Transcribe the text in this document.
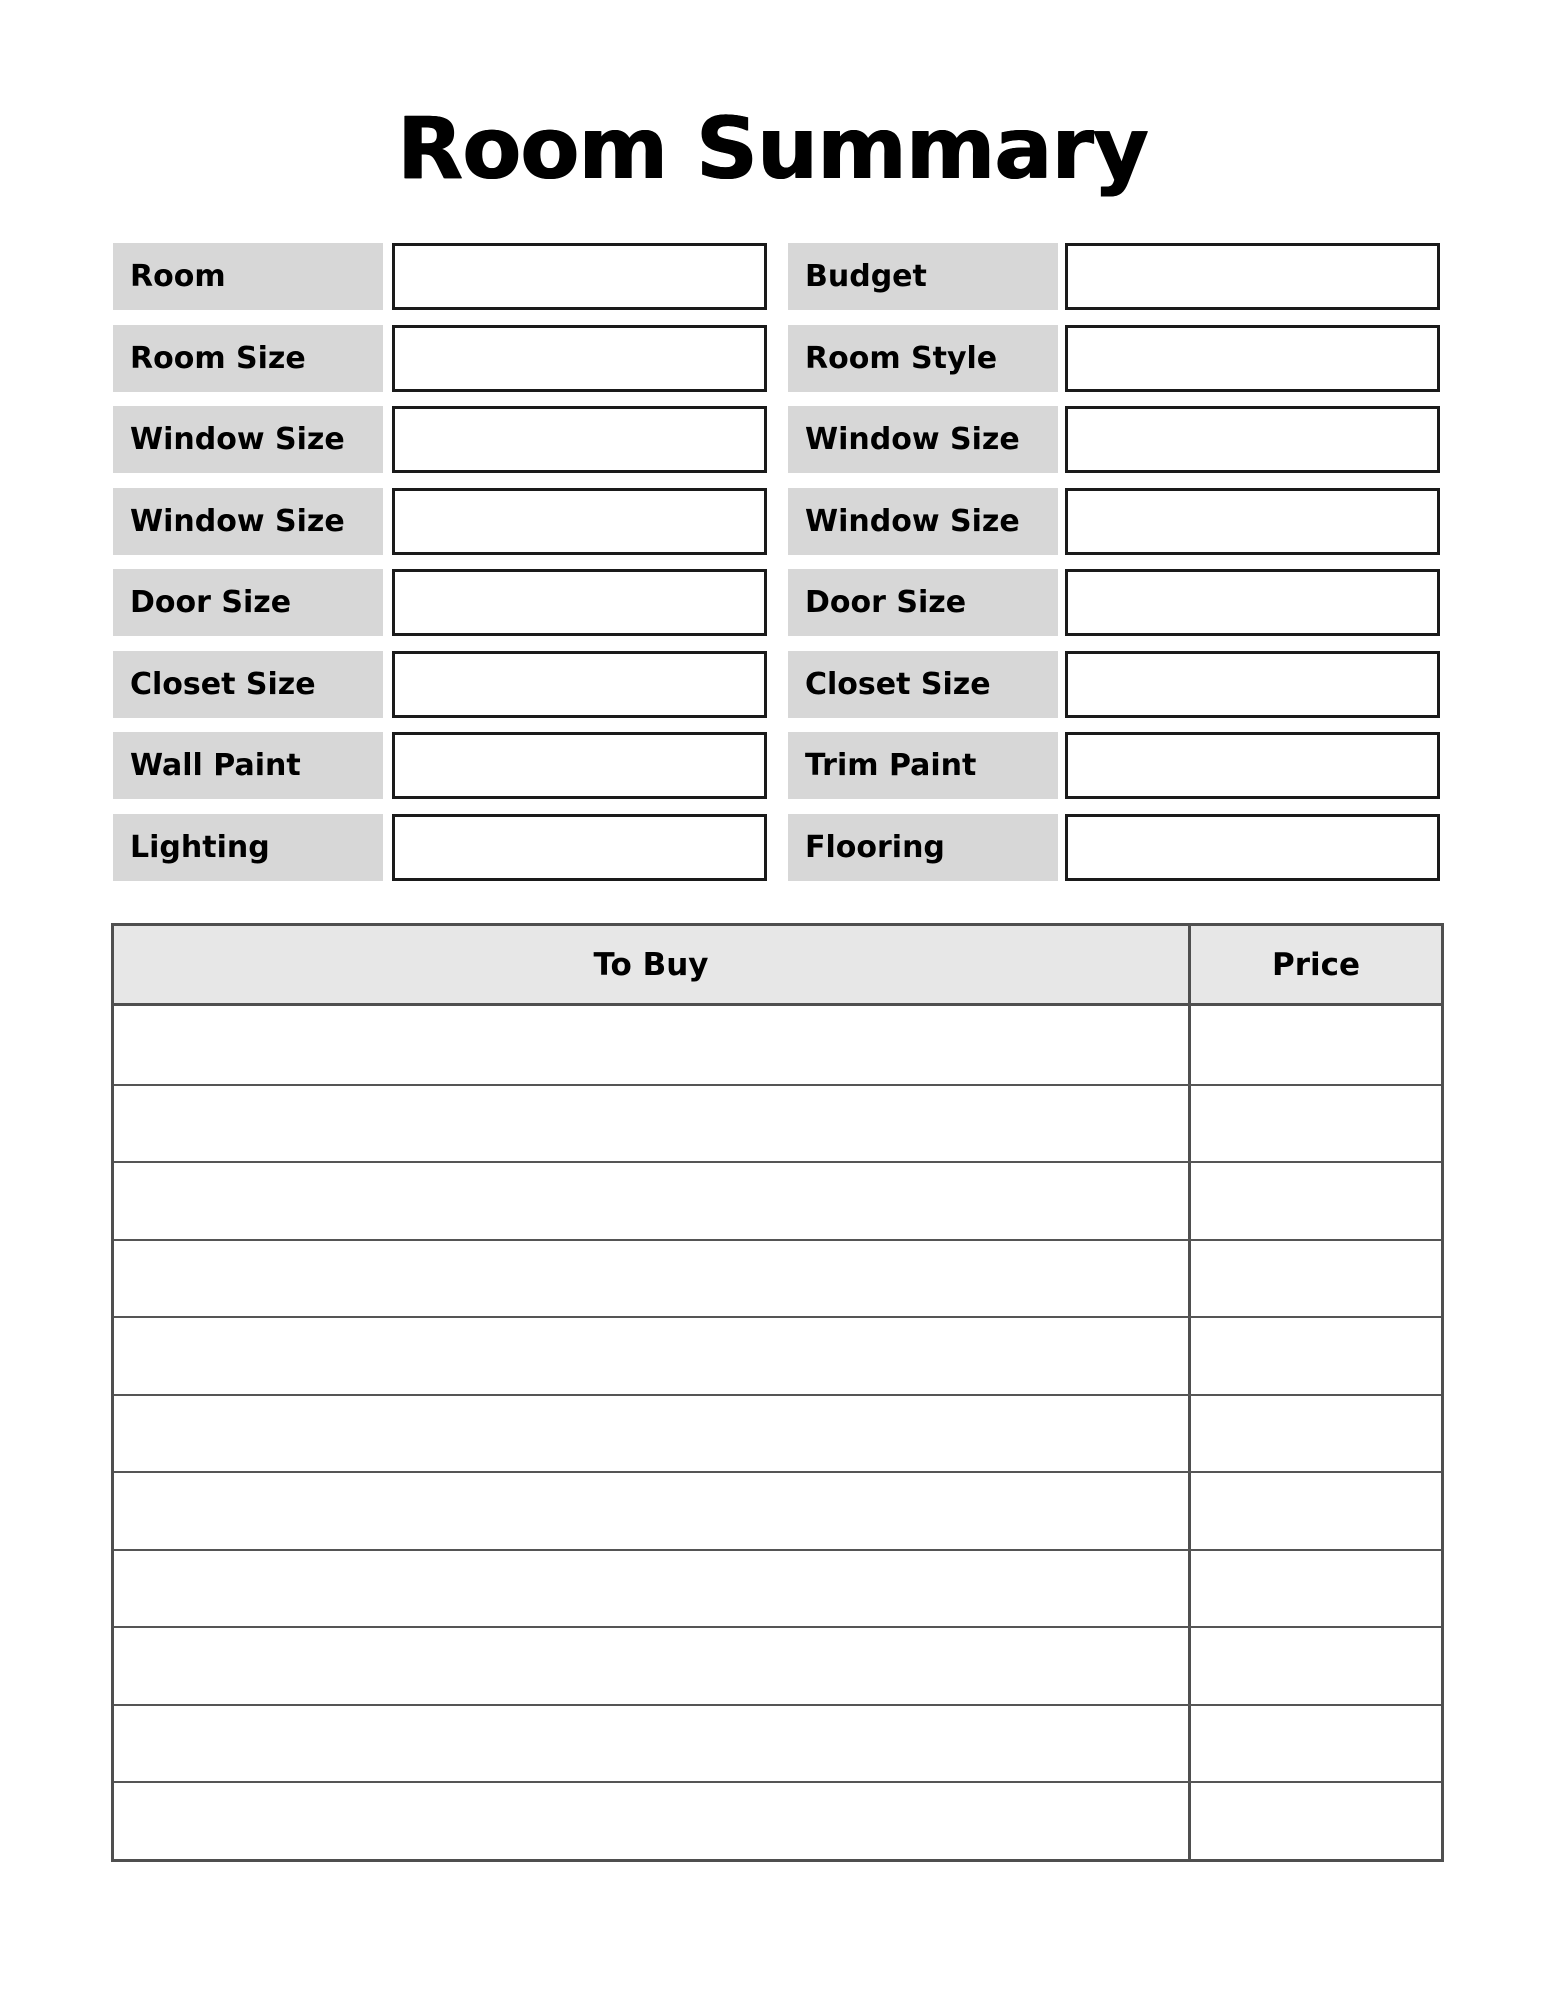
Room Summary
Room	Budget
Room Size	Room Style
Window Size	Window Size
Window Size	Window Size
Door Size	Door Size
Closet Size	Closet Size
Wall Paint	Trim Paint
Lighting	Flooring
To Buy	Price
